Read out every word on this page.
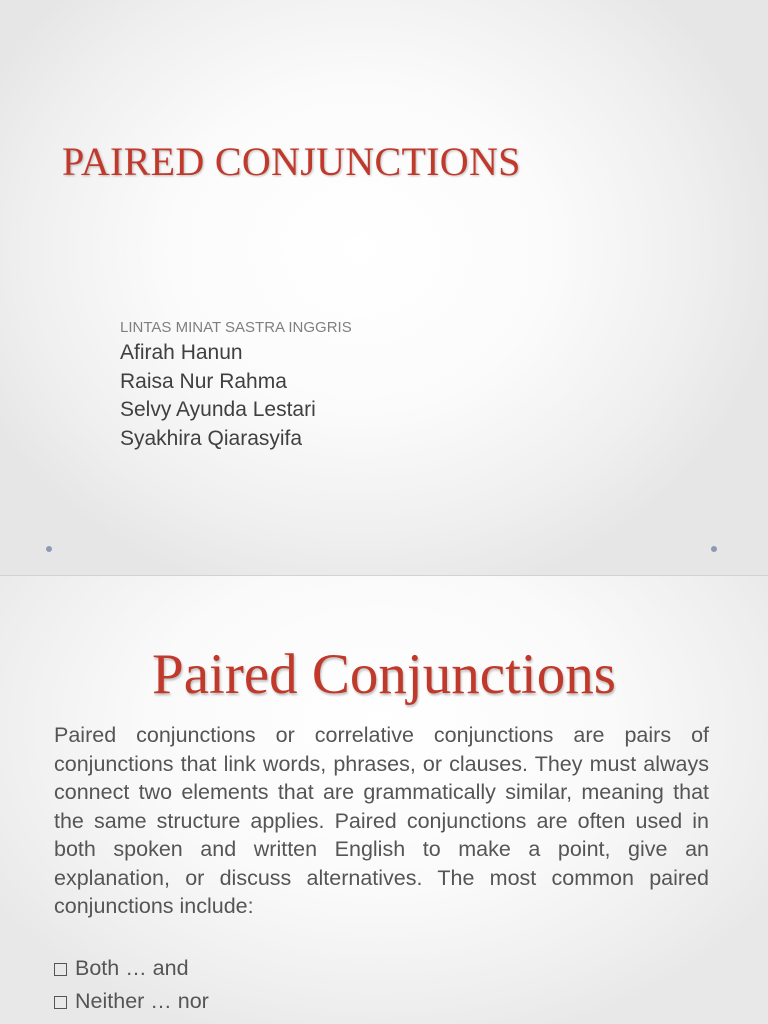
PAIRED CONJUNCTIONS
LINTAS MINAT SASTRA INGGRIS
Afirah Hanun
Raisa Nur Rahma
Selvy Ayunda Lestari
Syakhira Qiarasyifa
Paired Conjunctions

Paired conjunctions or correlative conjunctions are pairs of conjunctions that link words, phrases, or clauses. They must always connect two elements that are grammatically similar, meaning that the same structure applies. Paired conjunctions are often used in both spoken and written English to make a point, give an explanation, or discuss alternatives. The most common paired conjunctions include:

Both … and
Neither … nor
